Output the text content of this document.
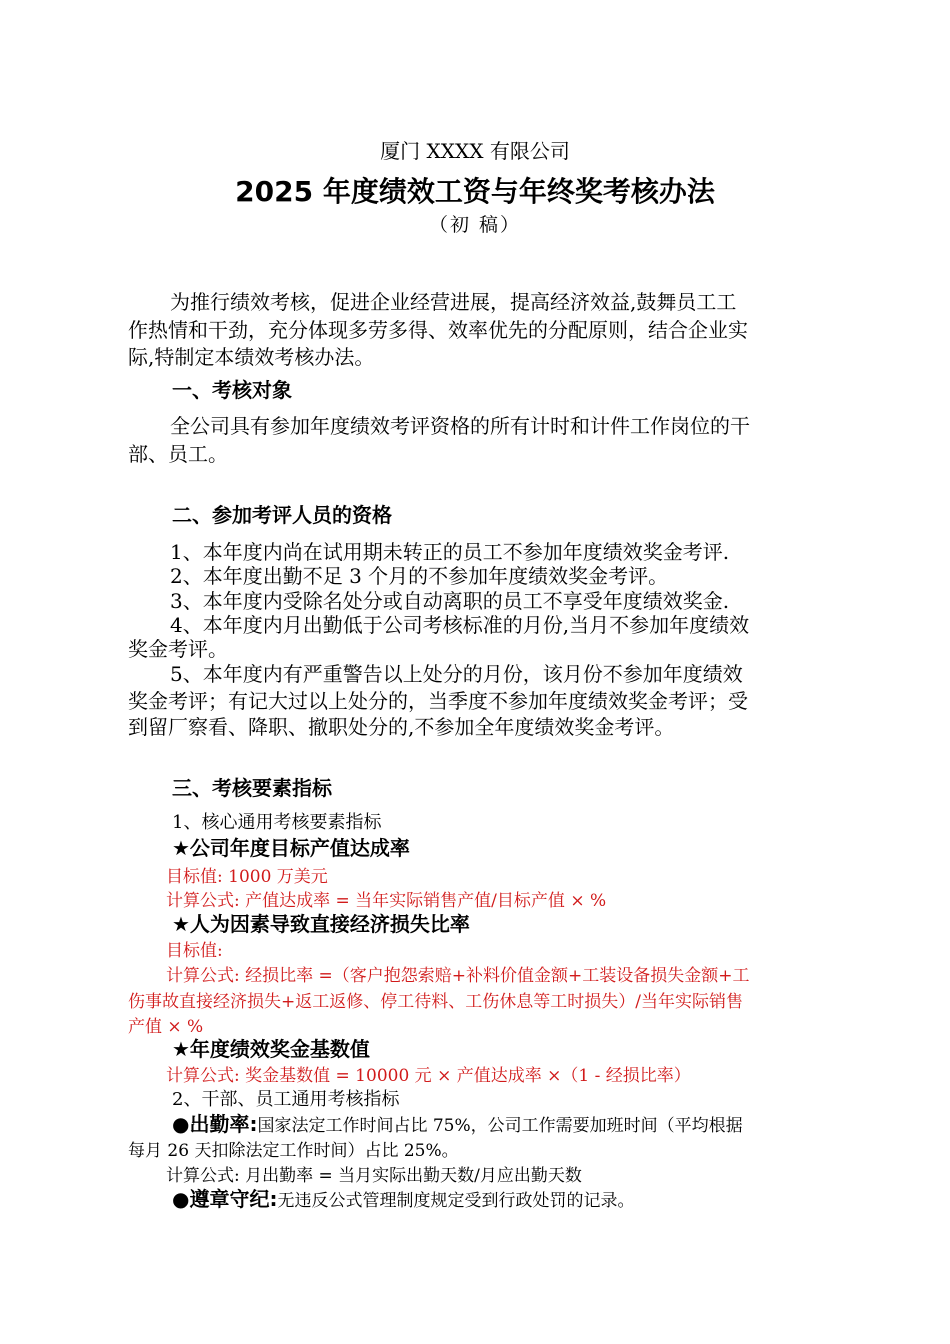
厦门 XXXX 有限公司
2025 年度绩效工资与年终奖考核办法
（初 稿）
为推行绩效考核，促进企业经营进展，提高经济效益,鼓舞员工工
作热情和干劲，充分体现多劳多得、效率优先的分配原则，结合企业实
际,特制定本绩效考核办法。
一、考核对象
全公司具有参加年度绩效考评资格的所有计时和计件工作岗位的干
部、员工。
二、参加考评人员的资格
1、本年度内尚在试用期未转正的员工不参加年度绩效奖金考评.
2、本年度出勤不足 3 个月的不参加年度绩效奖金考评。
3、本年度内受除名处分或自动离职的员工不享受年度绩效奖金.
4、本年度内月出勤低于公司考核标准的月份,当月不参加年度绩效
奖金考评。
5、本年度内有严重警告以上处分的月份，该月份不参加年度绩效
奖金考评；有记大过以上处分的，当季度不参加年度绩效奖金考评；受
到留厂察看、降职、撤职处分的,不参加全年度绩效奖金考评。
三、考核要素指标
1、核心通用考核要素指标
★公司年度目标产值达成率
目标值: 1000 万美元
计算公式: 产值达成率 = 当年实际销售产值/目标产值 × %
★人为因素导致直接经济损失比率
目标值:
计算公式: 经损比率 =（客户抱怨索赔+补料价值金额+工装设备损失金额+工
伤事故直接经济损失+返工返修、停工待料、工伤休息等工时损失）/当年实际销售
产值 × %
★年度绩效奖金基数值
计算公式: 奖金基数值 = 10000 元 × 产值达成率 ×（1 - 经损比率）
2、干部、员工通用考核指标
●出勤率:国家法定工作时间占比 75%，公司工作需要加班时间（平均根据
每月 26 天扣除法定工作时间）占比 25%。
计算公式: 月出勤率 = 当月实际出勤天数/月应出勤天数
●遵章守纪:无违反公式管理制度规定受到行政处罚的记录。
